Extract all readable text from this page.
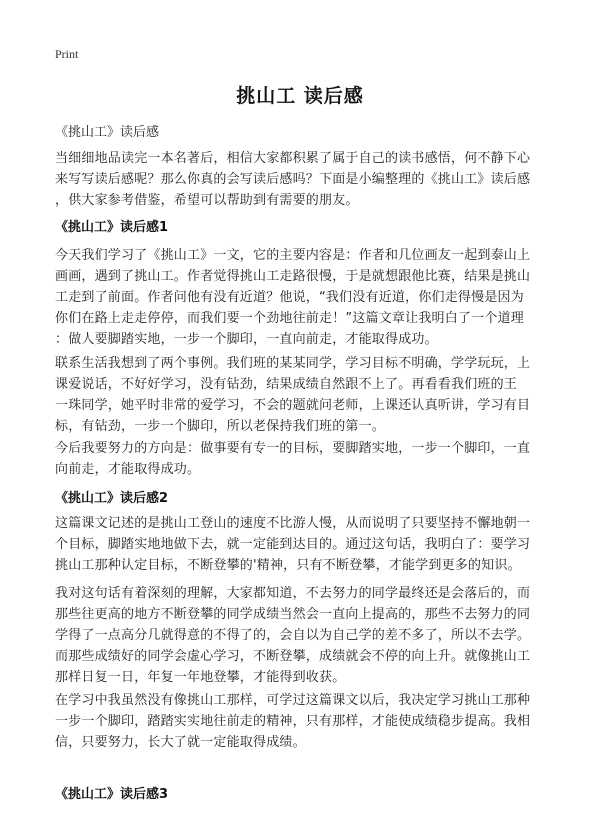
Print
挑山工 读后感
《挑山工》读后感
当细细地品读完一本名著后，相信大家都积累了属于自己的读书感悟，何不静下心
来写写读后感呢？那么你真的会写读后感吗？下面是小编整理的《挑山工》读后感
，供大家参考借鉴，希望可以帮助到有需要的朋友。
《挑山工》读后感1
今天我们学习了《挑山工》一文，它的主要内容是：作者和几位画友一起到泰山上
画画，遇到了挑山工。作者觉得挑山工走路很慢，于是就想跟他比赛，结果是挑山
工走到了前面。作者问他有没有近道？他说，“我们没有近道，你们走得慢是因为
你们在路上走走停停，而我们要一个劲地往前走！”这篇文章让我明白了一个道理
：做人要脚踏实地，一步一个脚印，一直向前走，才能取得成功。
联系生活我想到了两个事例。我们班的某某同学，学习目标不明确，学学玩玩，上
课爱说话，不好好学习，没有钻劲，结果成绩自然跟不上了。再看看我们班的王
一珠同学，她平时非常的爱学习，不会的题就问老师，上课还认真听讲，学习有目
标，有钻劲，一步一个脚印，所以老保持我们班的第一。
今后我要努力的方向是：做事要有专一的目标，要脚踏实地，一步一个脚印，一直
向前走，才能取得成功。
《挑山工》读后感2
这篇课文记述的是挑山工登山的速度不比游人慢，从而说明了只要坚持不懈地朝一
个目标，脚踏实地地做下去，就一定能到达目的。通过这句话，我明白了：要学习
挑山工那种认定目标，不断登攀的'精神，只有不断登攀，才能学到更多的知识。
我对这句话有着深刻的理解，大家都知道，不去努力的同学最终还是会落后的，而
那些往更高的地方不断登攀的同学成绩当然会一直向上提高的，那些不去努力的同
学得了一点高分几就得意的不得了的，会自以为自己学的差不多了，所以不去学。
而那些成绩好的同学会虚心学习，不断登攀，成绩就会不停的向上升。就像挑山工
那样日复一日，年复一年地登攀，才能得到收获。
在学习中我虽然没有像挑山工那样，可学过这篇课文以后，我决定学习挑山工那种
一步一个脚印，踏踏实实地往前走的精神，只有那样，才能使成绩稳步提高。我相
信，只要努力，长大了就一定能取得成绩。
《挑山工》读后感3
